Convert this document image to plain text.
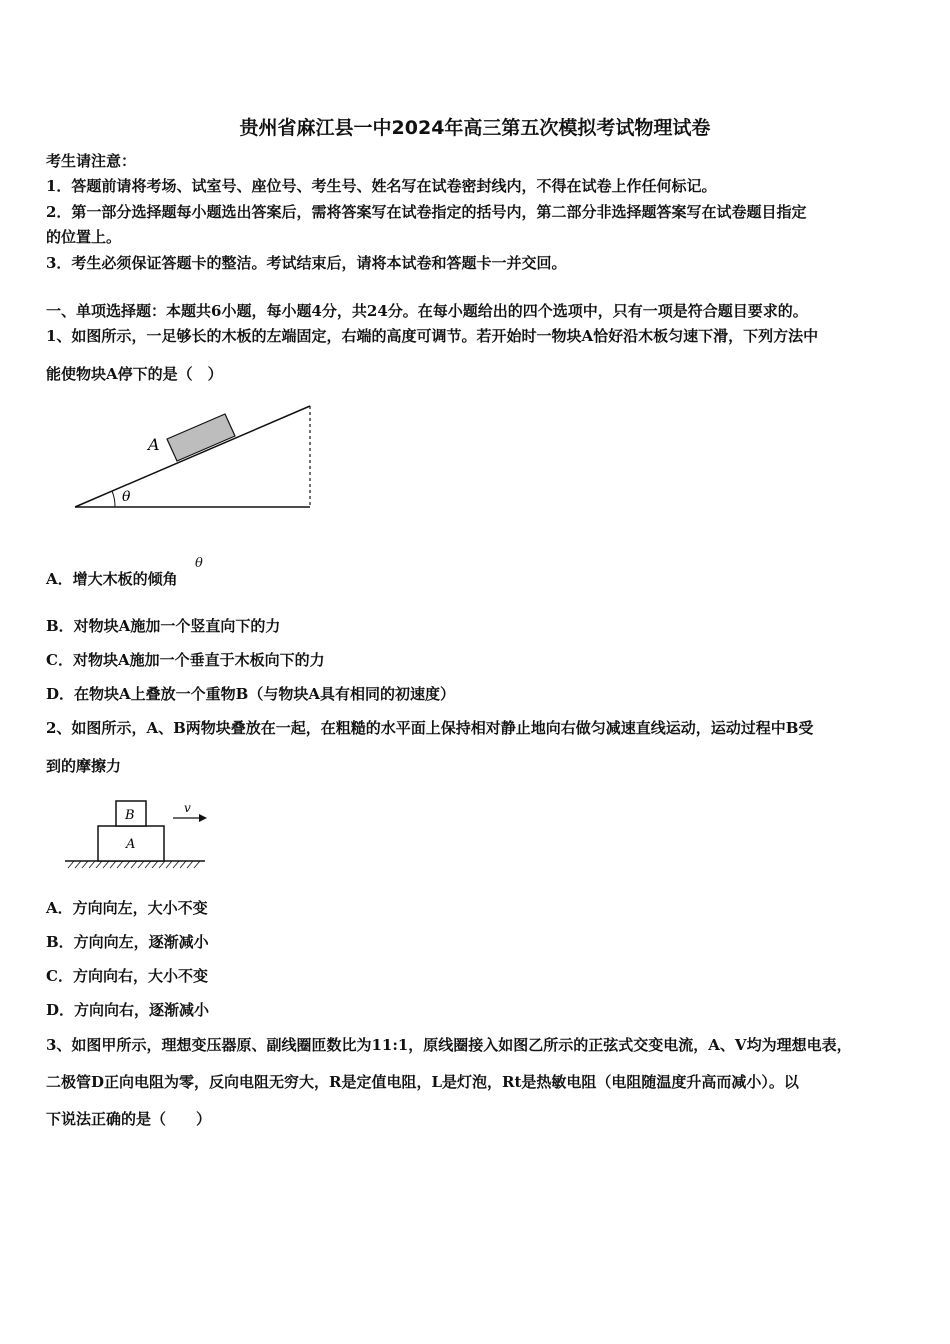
贵州省麻江县一中2024年高三第五次模拟考试物理试卷
考生请注意：
1．答题前请将考场、试室号、座位号、考生号、姓名写在试卷密封线内，不得在试卷上作任何标记。
2．第一部分选择题每小题选出答案后，需将答案写在试卷指定的括号内，第二部分非选择题答案写在试卷题目指定
的位置上。
3．考生必须保证答题卡的整洁。考试结束后，请将本试卷和答题卡一并交回。
一、单项选择题：本题共6小题，每小题4分，共24分。在每小题给出的四个选项中，只有一项是符合题目要求的。
1、如图所示，一足够长的木板的左端固定，右端的高度可调节。若开始时一物块A恰好沿木板匀速下滑，下列方法中
能使物块A停下的是（　）
A
θ
A．增大木板的倾角
θ
B．对物块A施加一个竖直向下的力
C．对物块A施加一个垂直于木板向下的力
D．在物块A上叠放一个重物B（与物块A具有相同的初速度）
2、如图所示，A、B两物块叠放在一起，在粗糙的水平面上保持相对静止地向右做匀减速直线运动，运动过程中B受
到的摩擦力
A
B	v
A．方向向左，大小不变
B．方向向左，逐渐减小
C．方向向右，大小不变
D．方向向右，逐渐减小
3、如图甲所示，理想变压器原、副线圈匝数比为11:1，原线圈接入如图乙所示的正弦式交变电流，A、V均为理想电表，
二极管D正向电阻为零，反向电阻无穷大，R是定值电阻，L是灯泡，Rt是热敏电阻（电阻随温度升高而减小）。以
下说法正确的是（　　）
